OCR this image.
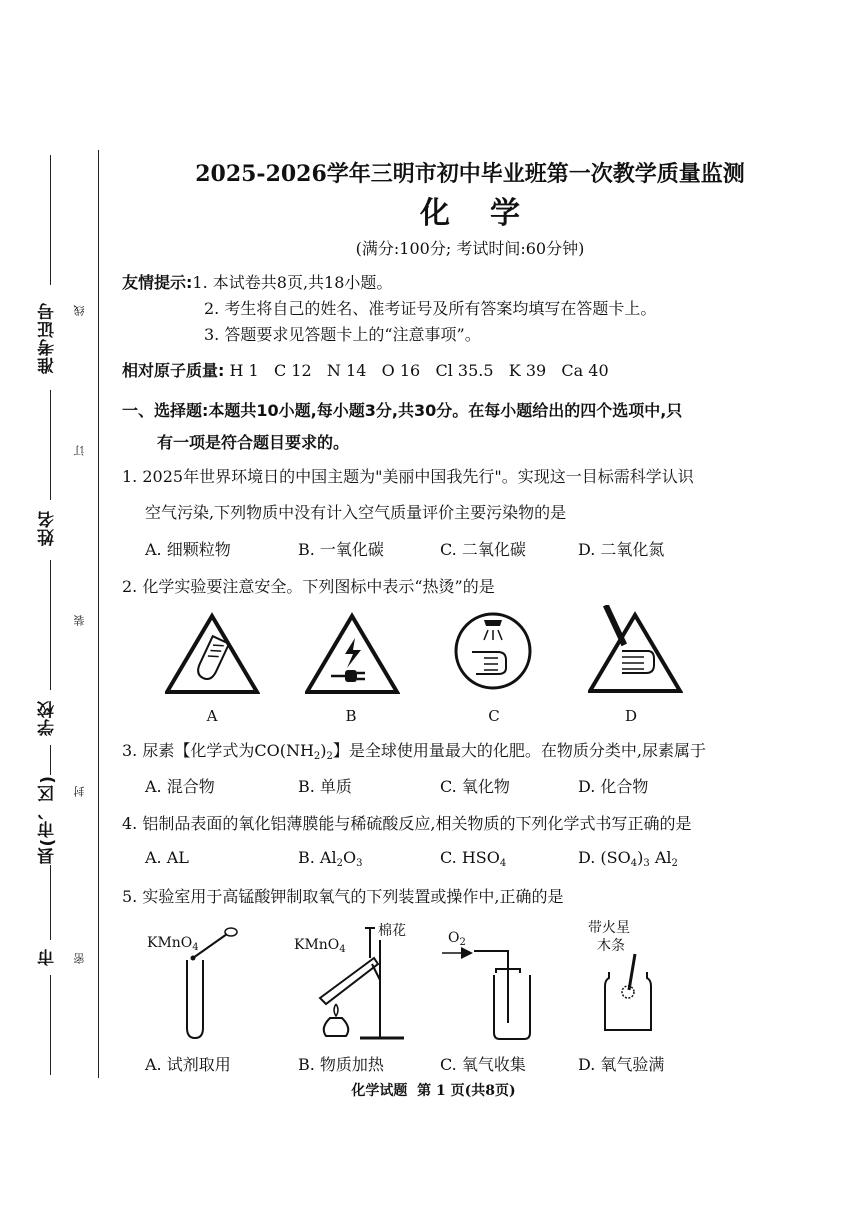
准考证号
姓名
学校
县(市、区)
市
线
订
装
封
密
2025-2026学年三明市初中毕业班第一次教学质量监测
化学
(满分:100分; 考试时间:60分钟)
友情提示:1. 本试卷共8页,共18小题。
2. 考生将自己的姓名、准考证号及所有答案均填写在答题卡上。
3. 答题要求见答题卡上的“注意事项”。
相对原子质量: H 1   C 12   N 14   O 16   Cl 35.5   K 39   Ca 40
一、选择题:本题共10小题,每小题3分,共30分。在每小题给出的四个选项中,只
有一项是符合题目要求的。
1. 2025年世界环境日的中国主题为"美丽中国我先行"。实现这一目标需科学认识
空气污染,下列物质中没有计入空气质量评价主要污染物的是
A. 细颗粒物	B. 一氧化碳	C. 二氧化碳	D. 二氧化氮
2. 化学实验要注意安全。下列图标中表示“热烫”的是
A	B	C	D
3. 尿素【化学式为$CO(NH_2)_2$】是全球使用量最大的化肥。在物质分类中,尿素属于
A. 混合物	B. 单质	C. 氧化物	D. 化合物
4. 铝制品表面的氧化铝薄膜能与稀硫酸反应,相关物质的下列化学式书写正确的是
A. AL	B. $Al_2O_3$	C. $HSO_4$	D. $(SO_4)_3$ $Al_2$
5. 实验室用于高锰酸钾制取氧气的下列装置或操作中,正确的是
KMnO$_4$	KMnO$_4$
棉花	$O_2$
带火星
木条
A. 试剂取用	B. 物质加热	C. 氧气收集	D. 氧气验满
化学试题  第 1 页(共8页)
